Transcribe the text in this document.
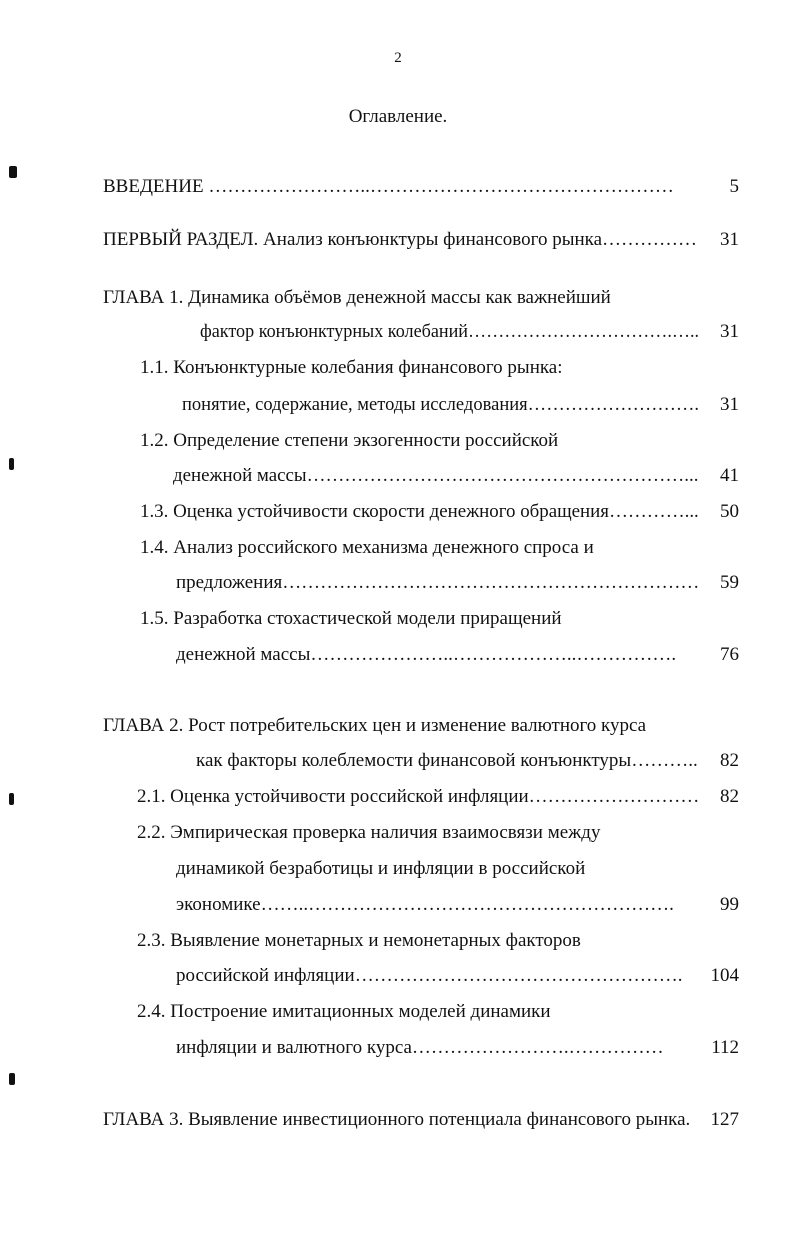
2
Оглавление.
ВВЕДЕНИЕ ……………………..…………………………………………	5
ПЕРВЫЙ РАЗДЕЛ. Анализ конъюнктуры финансового рынка…………… 31
ГЛАВА 1. Динамика объёмов денежной массы как важнейший
фактор конъюнктурных колебаний…………………………….….. 31
1.1. Конъюнктурные колебания финансового рынка:
понятие, содержание, методы исследования………………………. 31
1.2. Определение степени экзогенности российской
денежной массы……………………………………………………... 41
1.3. Оценка устойчивости скорости денежного обращения…………... 50
1.4. Анализ российского механизма денежного спроса и
предложения………………………………………………………… 59
1.5. Разработка стохастической модели приращений
денежной массы…………………..………………..……………. 76
ГЛАВА 2. Рост потребительских цен и изменение валютного курса
как факторы колеблемости финансовой конъюнктуры……….. 82
2.1. Оценка устойчивости российской инфляции……………………… 82
2.2. Эмпирическая проверка наличия взаимосвязи между
динамикой безработицы и инфляции в российской
экономике……..…………………………………………………. 99
2.3. Выявление монетарных и немонетарных факторов
российской инфляции……………………………………………. 104
2.4. Построение имитационных моделей динамики
инфляции и валютного курса…………………….……………	112
ГЛАВА 3. Выявление инвестиционного потенциала финансового рынка. 127
